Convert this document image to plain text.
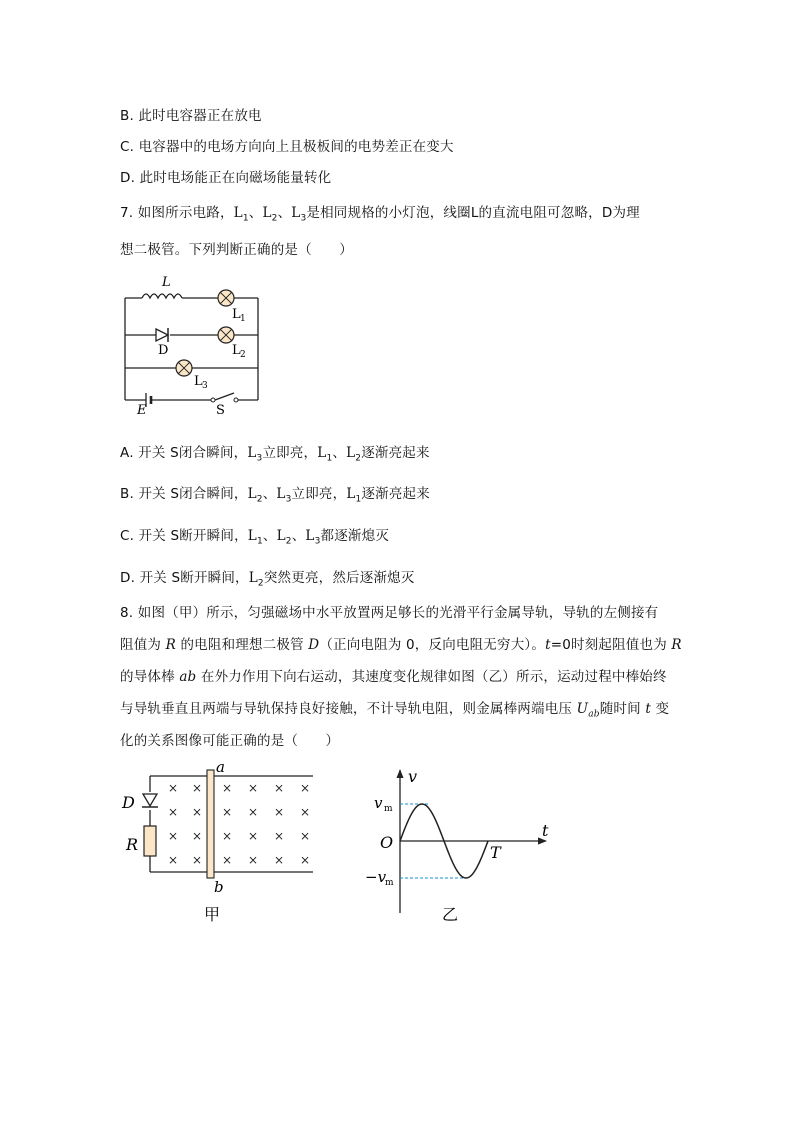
B. 此时电容器正在放电
C. 电容器中的电场方向向上且极板间的电势差正在变大
D. 此时电场能正在向磁场能量转化
7. 如图所示电路，$L_1$、$L_2$、$L_3$是相同规格的小灯泡，线圈L的直流电阻可忽略，D为理
想二极管。下列判断正确的是（　　）
L
L 1
L 2
D
L 3
E	S
A. 开关 S闭合瞬间，$L_3$立即亮，$L_1$、$L_2$逐渐亮起来
B. 开关 S闭合瞬间，$L_2$、$L_3$立即亮，$L_1$逐渐亮起来
C. 开关 S断开瞬间，$L_1$、$L_2$、$L_3$都逐渐熄灭
D. 开关 S断开瞬间，$L_2$突然更亮，然后逐渐熄灭
8. 如图（甲）所示，匀强磁场中水平放置两足够长的光滑平行金属导轨，导轨的左侧接有
阻值为 R 的电阻和理想二极管 D（正向电阻为 0，反向电阻无穷大）。t=0时刻起阻值也为 R
的导体棒 ab 在外力作用下向右运动，其速度变化规律如图（乙）所示，运动过程中棒始终
与导轨垂直且两端与导轨保持良好接触，不计导轨电阻，则金属棒两端电压 $U_{ab}$随时间 t 变
化的关系图像可能正确的是（　　）
× × × × × ×
× × × × × ×
× × × × × ×
× × × × × ×
a
b
D
R
甲
v
t
O
v m
−v
m
T
乙
